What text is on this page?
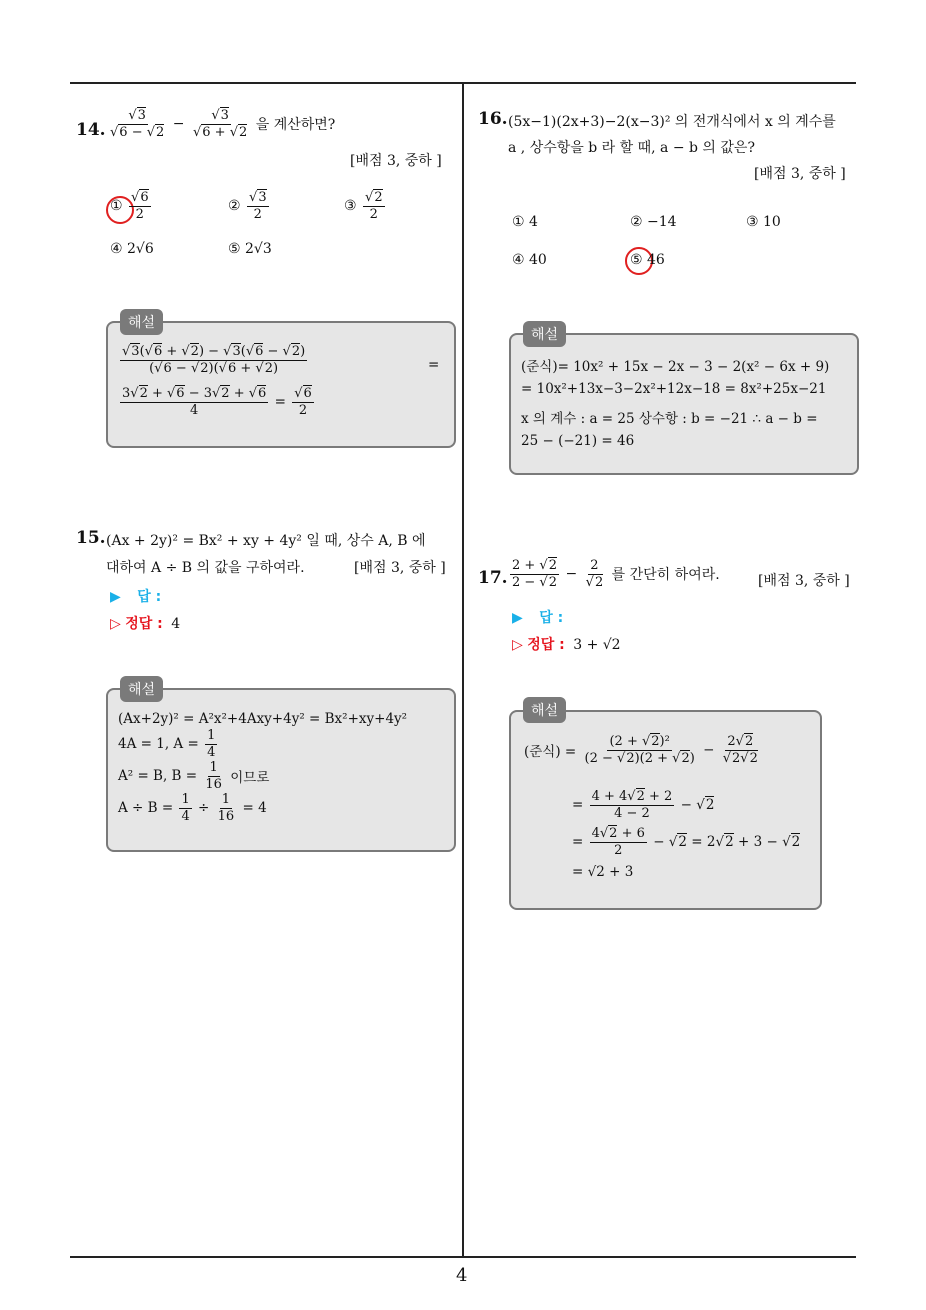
4
14. $\frac{√3}{√6 - √2} - \frac{√3}{√6 + √2}$ 을 계산하면?
[배점 3, 중하 ]
① $\frac{√6}{2}$	② $\frac{√3}{2}$	③ $\frac{√2}{2}$
④ 2√6	⑤ 2√3
해설
$\frac{√3(√6 + √2) - √3(√6 - √2)}{(√6 - √2)(√6 + √2)}$	=
$\frac{3√2 + √6 - 3√2 + √6}{4} = \frac{√6}{2}$
15. (Ax + 2y)² = Bx² + xy + 4y² 일 때, 상수 A, B 에
대하여 A ÷ B 의 값을 구하여라.	[배점 3, 중하 ]
▶ 답 :
▷ 정답 : 4
해설
(Ax+2y)² = A²x²+4Axy+4y² = Bx²+xy+4y²
4A = 1, $A = \frac{1}{4}$
A² = B, $B = \frac{1}{16}$ 이므로
$A \div B = \frac{1}{4} \div \frac{1}{16} = 4$
16. (5x−1)(2x+3)−2(x−3)² 의 전개식에서 x 의 계수를
a , 상수항을 b 라 할 때, a − b 의 값은?
[배점 3, 중하 ]
① 4	② −14	③ 10
④ 40	⑤ 46
해설
(준식)= 10x² + 15x − 2x − 3 − 2(x² − 6x + 9)
= 10x²+13x−3−2x²+12x−18 = 8x²+25x−21
x 의 계수 : a = 25 상수항 : b = −21 ∴ a − b =
25 − (−21) = 46
17. $\frac{2 + √2}{2 - √2} - \frac{2}{√2}$ 를 간단히 하여라.	[배점 3, 중하 ]
▶ 답 :
▷ 정답 : 3 + √2
해설
(준식) = $\frac{\text{(2 + √2)²}}{(2 - √2)(2 + √2)} - \frac{2√2}{√2√2}$
= $\frac{4 + 4√2 + 2}{4 - 2} - √2$
= $\frac{4√2 + 6}{2} - √2 = 2√2 + 3 - √2$
= √2 + 3
